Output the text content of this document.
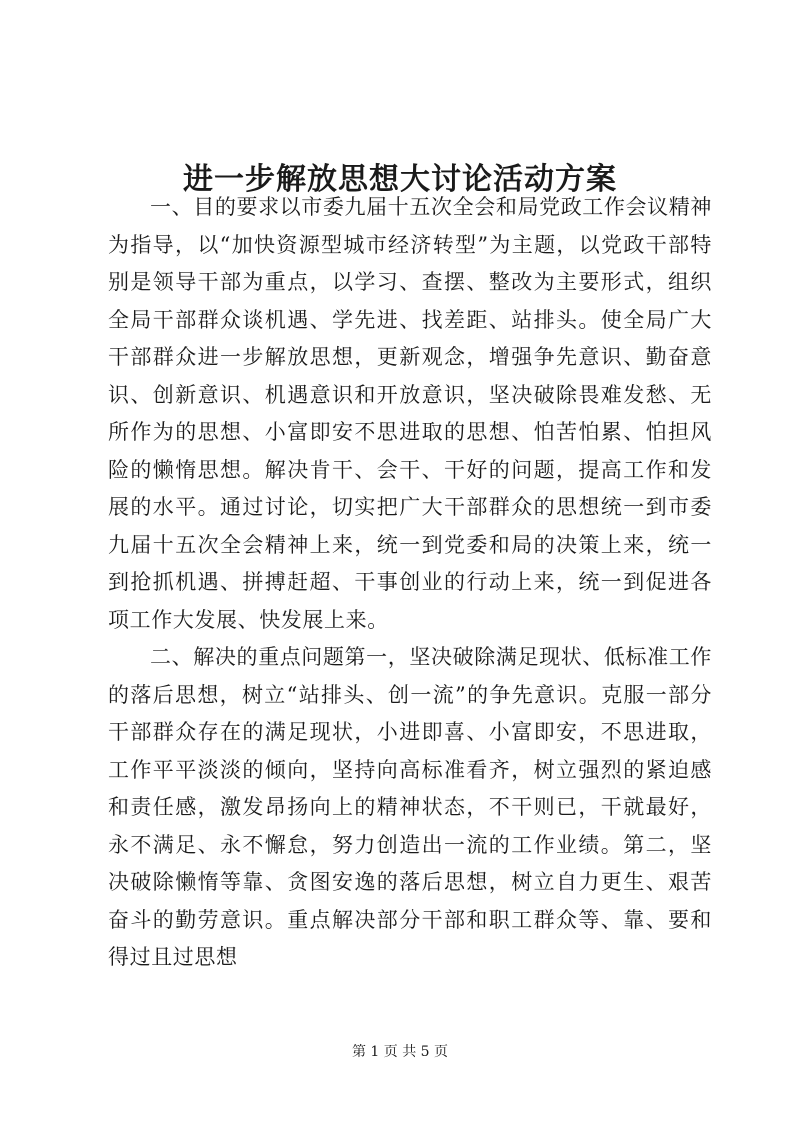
进一步解放思想大讨论活动方案

一、目的要求以市委九届十五次全会和局党政工作会议精神为指导，以“加快资源型城市经济转型”为主题，以党政干部特别是领导干部为重点，以学习、查摆、整改为主要形式，组织全局干部群众谈机遇、学先进、找差距、站排头。使全局广大干部群众进一步解放思想，更新观念，增强争先意识、勤奋意识、创新意识、机遇意识和开放意识，坚决破除畏难发愁、无所作为的思想、小富即安不思进取的思想、怕苦怕累、怕担风险的懒惰思想。解决肯干、会干、干好的问题，提高工作和发展的水平。通过讨论，切实把广大干部群众的思想统一到市委九届十五次全会精神上来，统一到党委和局的决策上来，统一到抢抓机遇、拼搏赶超、干事创业的行动上来，统一到促进各项工作大发展、快发展上来。

二、解决的重点问题第一，坚决破除满足现状、低标准工作的落后思想，树立“站排头、创一流”的争先意识。克服一部分干部群众存在的满足现状，小进即喜、小富即安，不思进取，工作平平淡淡的倾向，坚持向高标准看齐，树立强烈的紧迫感和责任感，激发昂扬向上的精神状态，不干则已，干就最好，永不满足、永不懈怠，努力创造出一流的工作业绩。第二，坚决破除懒惰等靠、贪图安逸的落后思想，树立自力更生、艰苦奋斗的勤劳意识。重点解决部分干部和职工群众等、靠、要和得过且过思想

第 1 页 共 5 页
